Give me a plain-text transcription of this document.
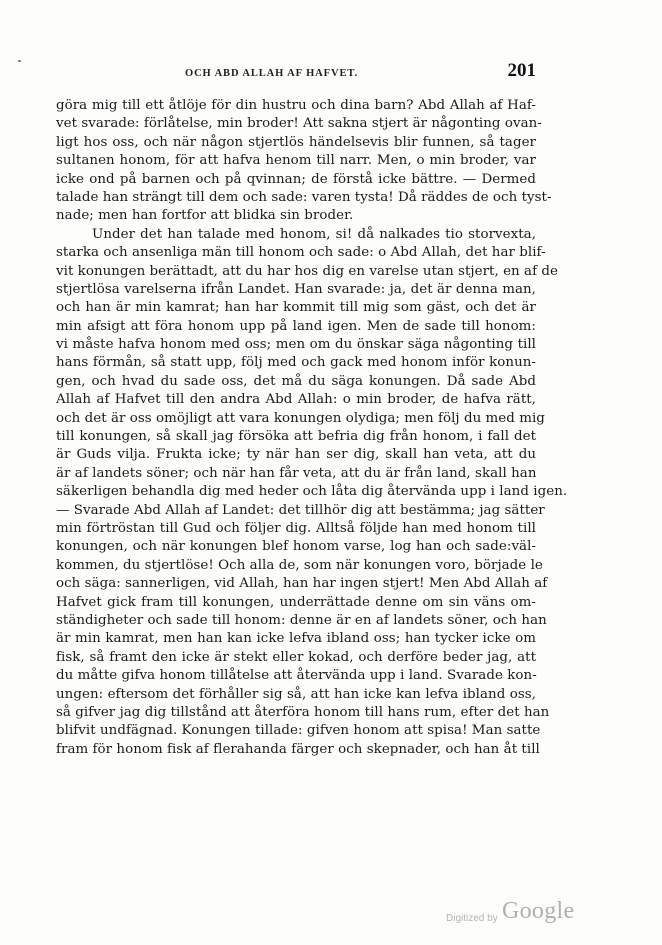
OCH ABD ALLAH AF HAFVET.	201
göra mig till ett åtlöje för din hustru och dina barn? Abd Allah af Haf-
vet svarade: förlåtelse, min broder! Att sakna stjert är någonting ovan-
ligt hos oss, och när någon stjertlös händelsevis blir funnen, så tager
sultanen honom, för att hafva henom till narr. Men, o min broder, var
icke ond på barnen och på qvinnan; de förstå icke bättre. — Dermed
talade han strängt till dem och sade: varen tysta! Då räddes de och tyst-
nade; men han fortfor att blidka sin broder.
Under det han talade med honom, si! då nalkades tio storvexta,
starka och ansenliga män till honom och sade: o Abd Allah, det har blif-
vit konungen berättadt, att du har hos dig en varelse utan stjert, en af de
stjertlösa varelserna ifrån Landet. Han svarade: ja, det är denna man,
och han är min kamrat; han har kommit till mig som gäst, och det är
min afsigt att föra honom upp på land igen. Men de sade till honom:
vi måste hafva honom med oss; men om du önskar säga någonting till
hans förmån, så statt upp, följ med och gack med honom inför konun-
gen, och hvad du sade oss, det må du säga konungen. Då sade Abd
Allah af Hafvet till den andra Abd Allah: o min broder, de hafva rätt,
och det är oss omöjligt att vara konungen olydiga; men följ du med mig
till konungen, så skall jag försöka att befria dig från honom, i fall det
är Guds vilja. Frukta icke; ty när han ser dig, skall han veta, att du
är af landets söner; och när han får veta, att du är från land, skall han
säkerligen behandla dig med heder och låta dig återvända upp i land igen.
— Svarade Abd Allah af Landet: det tillhör dig att bestämma; jag sätter
min förtröstan till Gud och följer dig. Alltså följde han med honom till
konungen, och när konungen blef honom varse, log han och sade:väl-
kommen, du stjertlöse! Och alla de, som när konungen voro, började le
och säga: sannerligen, vid Allah, han har ingen stjert! Men Abd Allah af
Hafvet gick fram till konungen, underrättade denne om sin väns om-
ständigheter och sade till honom: denne är en af landets söner, och han
är min kamrat, men han kan icke lefva ibland oss; han tycker icke om
fisk, så framt den icke är stekt eller kokad, och derföre beder jag, att
du måtte gifva honom tillåtelse att återvända upp i land. Svarade kon-
ungen: eftersom det förhåller sig så, att han icke kan lefva ibland oss,
så gifver jag dig tillstånd att återföra honom till hans rum, efter det han
blifvit undfägnad. Konungen tillade: gifven honom att spisa! Man satte
fram för honom fisk af flerahanda färger och skepnader, och han åt till
Digitized by Google
